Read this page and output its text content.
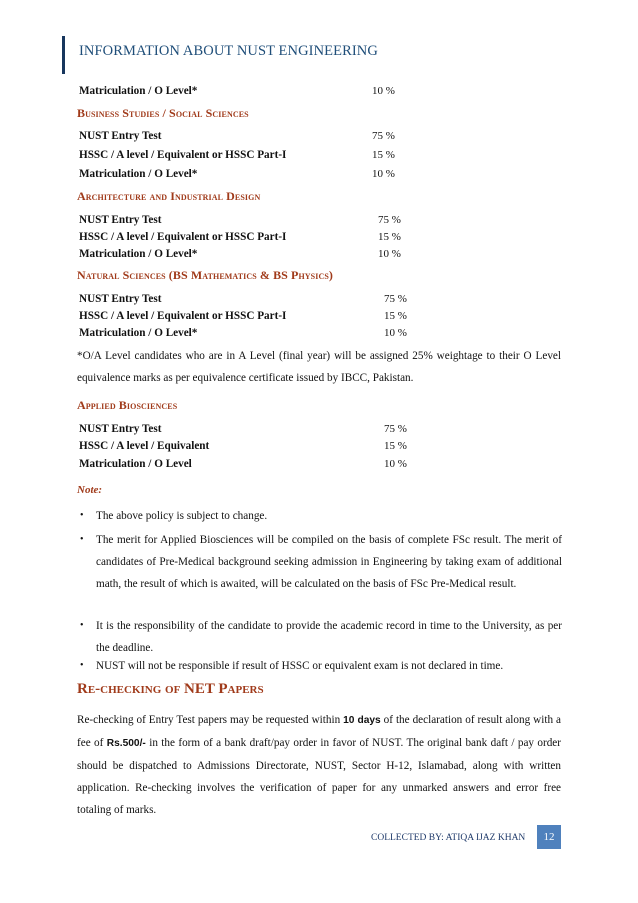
INFORMATION ABOUT NUST ENGINEERING
Matriculation / O Level*	10 %
Business Studies / Social Sciences
NUST Entry Test	75 %
HSSC / A level / Equivalent or HSSC Part-I	15 %
Matriculation / O Level*	10 %
Architecture and Industrial Design
NUST Entry Test	75 %
HSSC / A level / Equivalent or HSSC Part-I	15 %
Matriculation / O Level*	10 %
Natural Sciences (BS Mathematics & BS Physics)
NUST Entry Test	75 %
HSSC / A level / Equivalent or HSSC Part-I	15 %
Matriculation / O Level*	10 %
*O/A Level candidates who are in A Level (final year) will be assigned 25% weightage to their O Level equivalence marks as per equivalence certificate issued by IBCC, Pakistan.
Applied Biosciences
NUST Entry Test	75 %
HSSC / A level / Equivalent	15 %
Matriculation / O Level	10 %
Note:
• The above policy is subject to change.
• The merit for Applied Biosciences will be compiled on the basis of complete FSc result. The merit of candidates of Pre-Medical background seeking admission in Engineering by taking exam of additional math, the result of which is awaited, will be calculated on the basis of FSc Pre-Medical result.
• It is the responsibility of the candidate to provide the academic record in time to the University, as per the deadline.
• NUST will not be responsible if result of HSSC or equivalent exam is not declared in time.
Re-checking of NET Papers
Re-checking of Entry Test papers may be requested within 10 days of the declaration of result along with a fee of Rs.500/- in the form of a bank draft/pay order in favor of NUST. The original bank daft / pay order should be dispatched to Admissions Directorate, NUST, Sector H-12, Islamabad, along with written application. Re-checking involves the verification of paper for any unmarked answers and error free totaling of marks.
COLLECTED BY: ATIQA IJAZ KHAN	12
